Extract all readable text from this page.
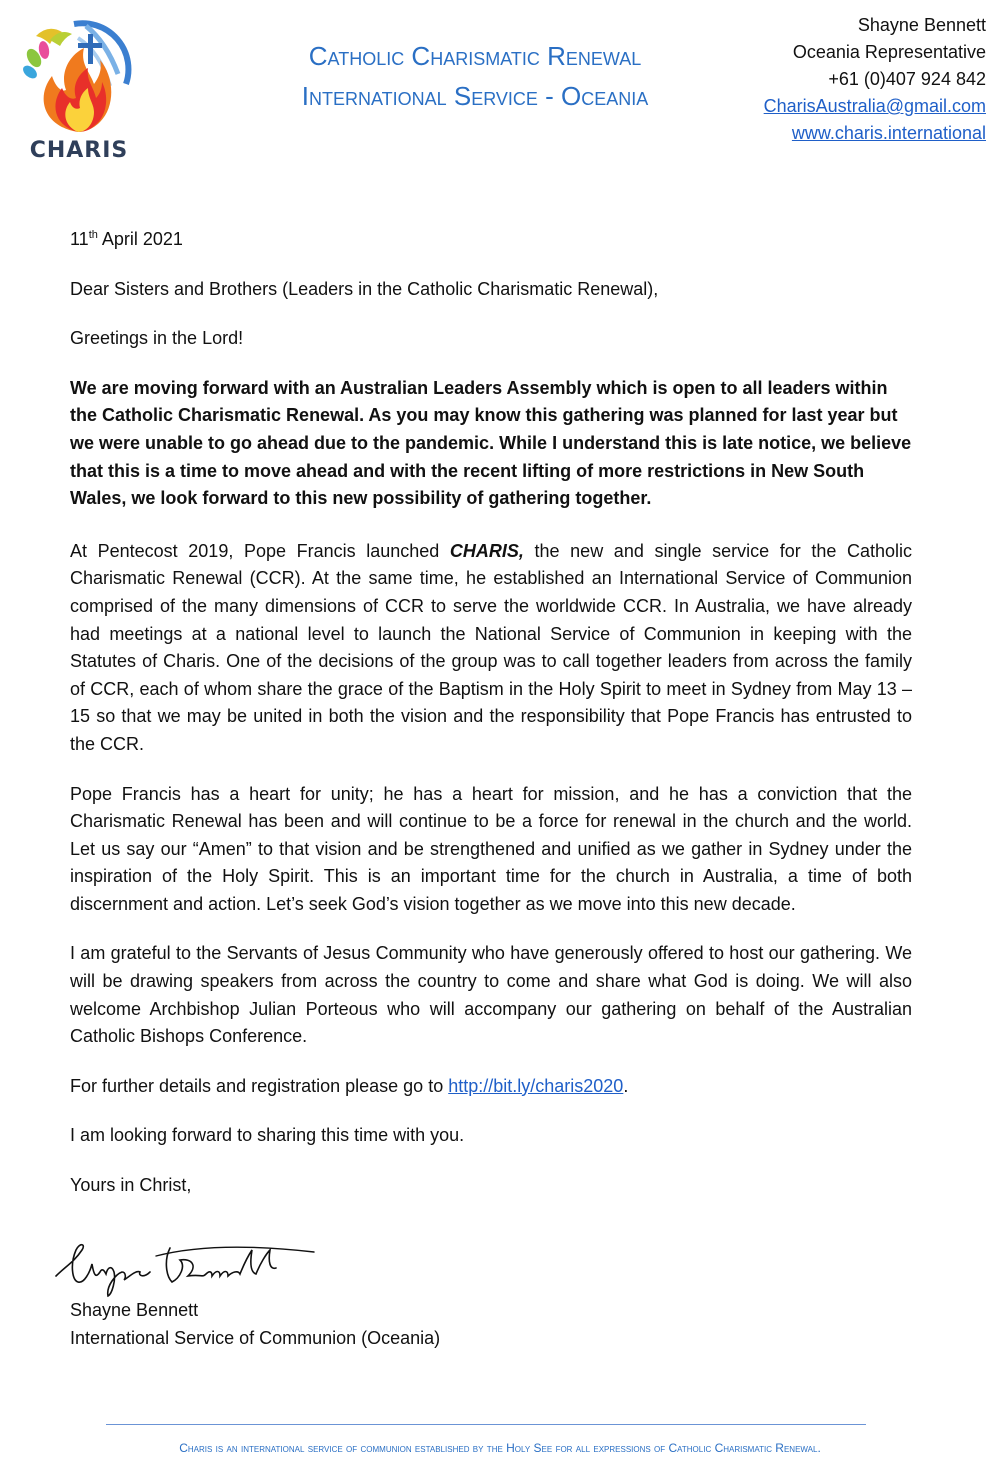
CHARIS
Catholic Charismatic Renewal
International Service - Oceania
Shayne Bennett
Oceania Representative
+61 (0)407 924 842
CharisAustralia@gmail.com
www.charis.international

11th April 2021

Dear Sisters and Brothers (Leaders in the Catholic Charismatic Renewal),

Greetings in the Lord!

We are moving forward with an Australian Leaders Assembly which is open to all leaders within the Catholic Charismatic Renewal. As you may know this gathering was planned for last year but we were unable to go ahead due to the pandemic. While I understand this is late notice, we believe that this is a time to move ahead and with the recent lifting of more restrictions in New South Wales, we look forward to this new possibility of gathering together.

At Pentecost 2019, Pope Francis launched CHARIS, the new and single service for the Catholic Charismatic Renewal (CCR). At the same time, he established an International Service of Communion comprised of the many dimensions of CCR to serve the worldwide CCR. In Australia, we have already had meetings at a national level to launch the National Service of Communion in keeping with the Statutes of Charis. One of the decisions of the group was to call together leaders from across the family of CCR, each of whom share the grace of the Baptism in the Holy Spirit to meet in Sydney from May 13 – 15 so that we may be united in both the vision and the responsibility that Pope Francis has entrusted to the CCR.

Pope Francis has a heart for unity; he has a heart for mission, and he has a conviction that the Charismatic Renewal has been and will continue to be a force for renewal in the church and the world. Let us say our “Amen” to that vision and be strengthened and unified as we gather in Sydney under the inspiration of the Holy Spirit. This is an important time for the church in Australia, a time of both discernment and action. Let’s seek God’s vision together as we move into this new decade.

I am grateful to the Servants of Jesus Community who have generously offered to host our gathering. We will be drawing speakers from across the country to come and share what God is doing. We will also welcome Archbishop Julian Porteous who will accompany our gathering on behalf of the Australian Catholic Bishops Conference.

For further details and registration please go to http://bit.ly/charis2020.

I am looking forward to sharing this time with you.

Yours in Christ,

Shayne Bennett
International Service of Communion (Oceania)
Charis is an international service of communion established by the Holy See for all expressions of Catholic Charismatic Renewal.
